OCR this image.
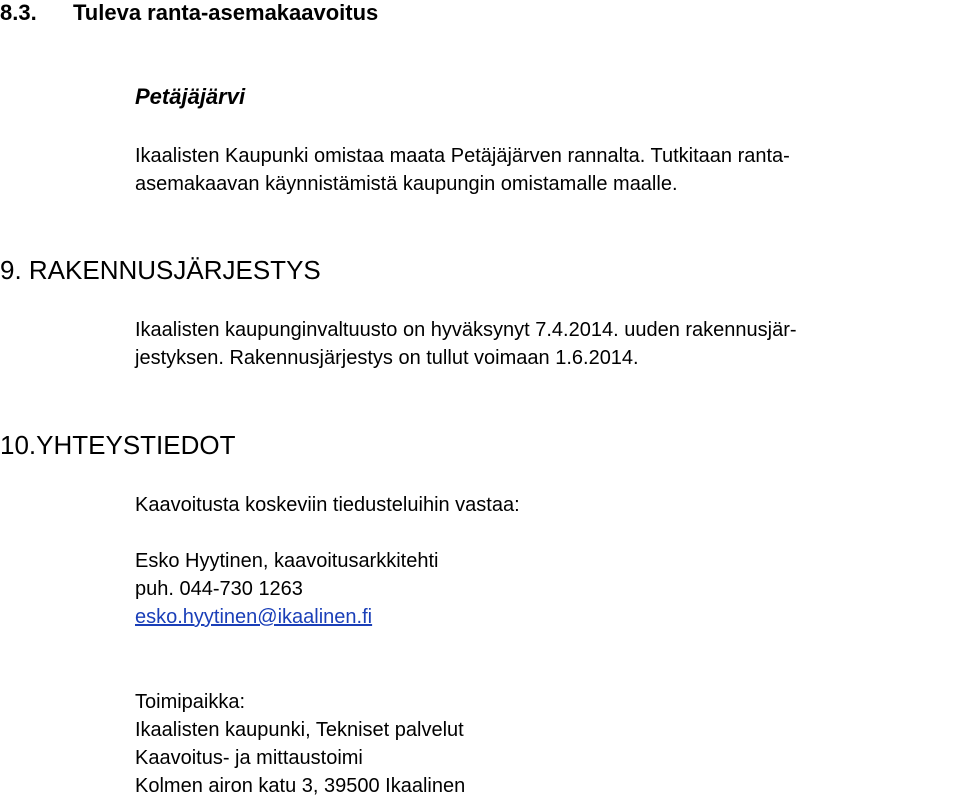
8.3. Tuleva ranta-asemakaavoitus
Petäjäjärvi
Ikaalisten Kaupunki omistaa maata Petäjäjärven rannalta. Tutkitaan ranta-
asemakaavan käynnistämistä kaupungin omistamalle maalle.
9. RAKENNUSJÄRJESTYS
Ikaalisten kaupunginvaltuusto on hyväksynyt 7.4.2014. uuden rakennusjär-
jestyksen. Rakennusjärjestys on tullut voimaan 1.6.2014.
10.YHTEYSTIEDOT
Kaavoitusta koskeviin tiedusteluihin vastaa:
Esko Hyytinen, kaavoitusarkkitehti
puh. 044-730 1263
esko.hyytinen@ikaalinen.fi
Toimipaikka:
Ikaalisten kaupunki, Tekniset palvelut
Kaavoitus- ja mittaustoimi
Kolmen airon katu 3, 39500 Ikaalinen
